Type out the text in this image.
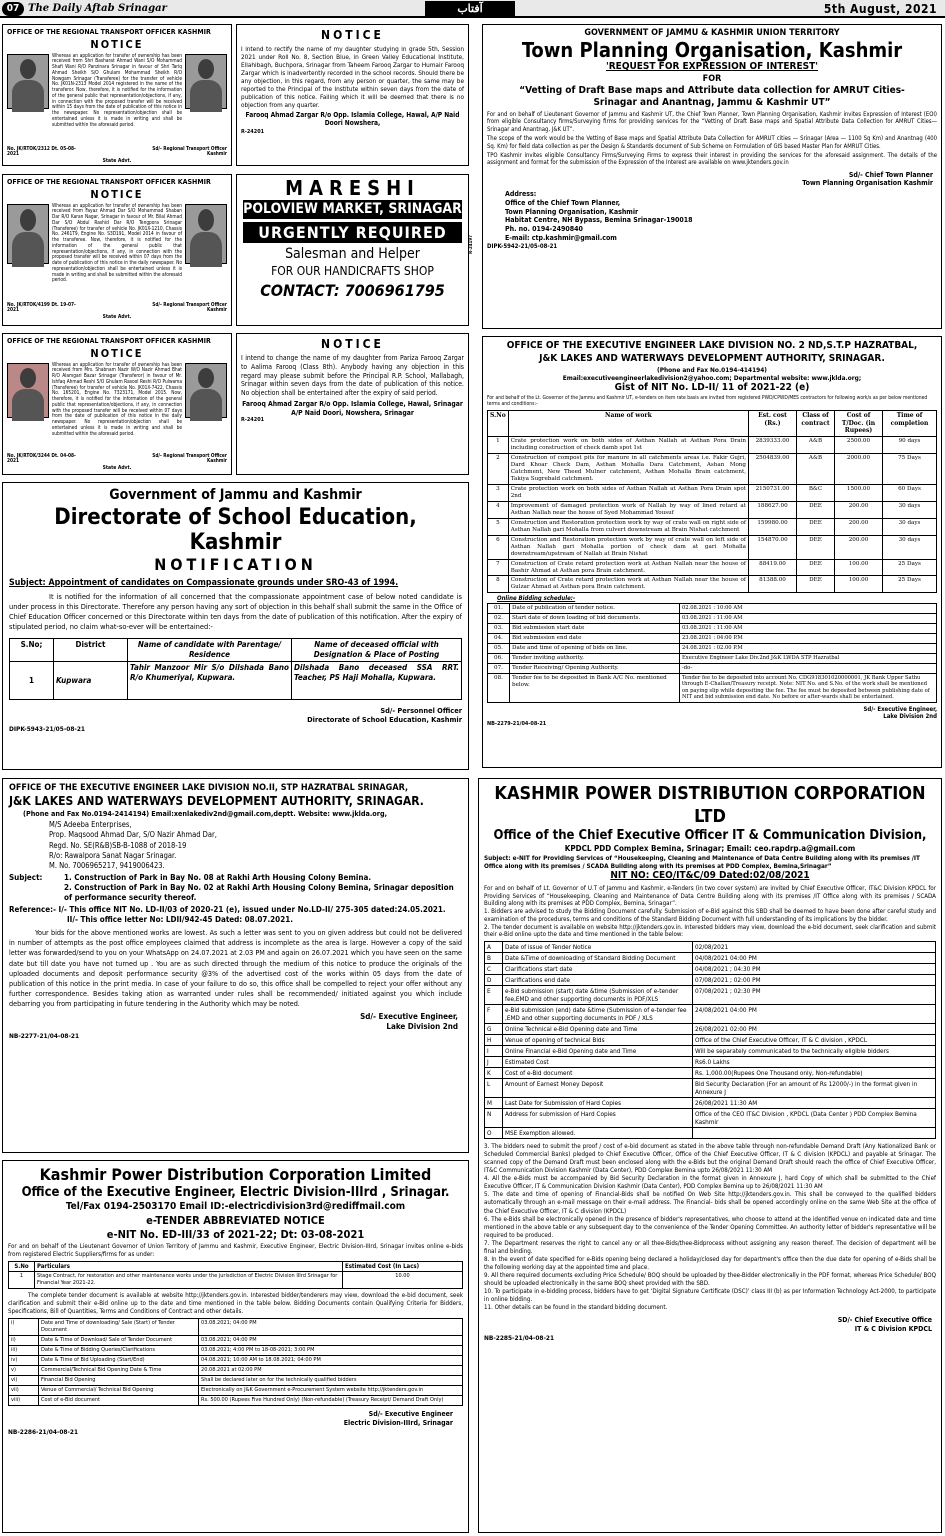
07 The Daily Aftab Srinagar	آفتاب	5th August, 2021
OFFICE OF THE REGIONAL TRANSPORT OFFICER KASHMIR
NOTICE
Whereas an application for transfer of ownership has been received from Shri Basharat Ahmad Wani S/O Mohammad Shafi Wani R/O Panzinara Srinagar in favour of Shri Tariq Ahmad Sheikh S/O Ghulam Mohammad Sheikh R/O Nowgam Srinagar (Transferee) for the transfer of vehicle No. JK01N-2313 Model 2014 registered in the name of the transferor. Now, therefore, it is notified for the information of the general public that representation/objections, if any, in connection with the proposed transfer will be received within 15 days from the date of publication of this notice in the newspaper. No representation/objection shall be entertained unless it is made in writing and shall be submitted within the aforesaid period.
No. JK/RTOK/2312 Dt. 05-08-2021
Sd/- Regional Transport Officer Kashmir
State Advt.
NOTICE
I intend to rectify the name of my daughter studying in grade 5th, Session 2021 under Roll No. 8, Section Blue, in Green Valley Educational Institute, Ellahibagh, Buchpora, Srinagar from Taheem Farooq Zargar to Humair Farooq Zargar which is inadvertently recorded in the school records. Should there be any objection, in this regard, from any person or quarter, the same may be reported to the Principal of the Institute within seven days from the date of publication of this notice. Failing which it will be deemed that there is no objection from any quarter.
Farooq Ahmad Zargar R/o Opp. Islamia College, Hawal, A/P Naid Doori Nowshera,
R-24201
GOVERNMENT OF JAMMU & KASHMIR UNION TERRITORY
Town Planning Organisation, Kashmir
'REQUEST FOR EXPRESSION OF INTEREST'
FOR
“Vetting of Draft Base maps and Attribute data collection for AMRUT Cities-Srinagar and Anantnag, Jammu & Kashmir UT”
For and on behalf of Lieutenant Governor of Jammu and Kashmir UT, the Chief Town Planner, Town Planning Organisation, Kashmir invites Expression of Interest (EOI) from eligible Consultancy firms/Surveying firms for providing services for the “Vetting of Draft Base maps and Spatial Attribute Data Collection for AMRUT Cities—Srinagar and Anantnag, J&K UT”.
The scope of the work would be the Vetting of Base maps and Spatial Attribute Data Collection for AMRUT cities — Srinagar (Area — 1100 Sq Km) and Anantnag (400 Sq. Km) for field data collection as per the Design & Standards document of Sub Scheme on Formulation of GIS based Master Plan for AMRUT Cities.
TPO Kashmir invites eligible Consultancy Firms/Surveying Firms to express their interest in providing the services for the aforesaid assignment. The details of the assignment and format for the submission of the Expression of the Interest are available on www.jktenders.gov.in
Sd/- Chief Town Planner
Town Planning Organisation Kashmir
Address:
Office of the Chief Town Planner,
Town Planning Organisation, Kashmir
Habitat Centre, NH Bypass, Bemina Srinagar-190018
Ph. no. 0194-2490840
E-mail: ctp.kashmir@gmail.com
DIPK-5942-21/05-08-21
OFFICE OF THE REGIONAL TRANSPORT OFFICER KASHMIR
NOTICE
Whereas an application for transfer of ownership has been received from Fayaz Ahmad Dar S/O Mohammad Shaban Dar R/O Karan Nagar, Srinagar in favour of Mr. Bilal Ahmad Dar S/O Abdul Rashid Dar R/O Tengpora Srinagar (Transferee) for transfer of vehicle No. JK01X-1210, Chassis No. 2461T9, Engine No. S3D191, Model 2014 in favour of the transferee. Now, therefore, it is notified for the information of the general public that representation/objections, if any, in connection with the proposed transfer will be received within 07 days from the date of publication of this notice in the daily newspaper. No representation/objection shall be entertained unless it is made in writing and shall be submitted within the aforesaid period.
No. JK/RTOK/4199 Dt. 19-07-2021
Sd/- Regional Transport Officer Kashmir
State Advt.
MARESHI
POLOVIEW MARKET, SRINAGAR
URGENTLY REQUIRED
Salesman and Helper
FOR OUR HANDICRAFTS SHOP
CONTACT: 7006961795
R-24197
OFFICE OF THE REGIONAL TRANSPORT OFFICER KASHMIR
NOTICE
Whereas an application for transfer of ownership has been received from Mrs. Shabnam Nazir W/O Nazir Ahmad Bhat R/O Alamgari Bazar Srinagar (Transferor) in favour of Mr. Ishfaq Ahmad Reshi S/O Ghulam Rasool Reshi R/O Pulwama (Transferee) for transfer of vehicle No. JK01X-7422, Chassis No. 165201, Engine No. 7323171, Model 2015. Now, therefore, it is notified for the information of the general public that representation/objections, if any, in connection with the proposed transfer will be received within 07 days from the date of publication of this notice in the daily newspaper. No representation/objection shall be entertained unless it is made in writing and shall be submitted within the aforesaid period.
No. JK/RTOK/3244 Dt. 04-08-2021
Sd/- Regional Transport Officer Kashmir
State Advt.
NOTICE
I intend to change the name of my daughter from Pariza Farooq Zargar to Aalima Farooq (Class 8th). Anybody having any objection in this regard may please submit before the Principal R.P. School, Mallabagh, Srinagar within seven days from the date of publication of this notice. No objection shall be entertained after the expiry of said period.
Farooq Ahmad Zargar R/o Opp. Islamia College, Hawal, Srinagar A/P Naid Doori, Nowshera, Srinagar
R-24201
OFFICE OF THE EXECUTIVE ENGINEER LAKE DIVISION NO. 2 ND,S.T.P HAZRATBAL,
J&K LAKES AND WATERWAYS DEVELOPMENT AUTHORITY, SRINAGAR.
(Phone and Fax No.0194-414194)
Email:executiveengineerlakedivision2@yahoo.com; Departmental website: www.jklda.org;
Gist of NIT No. LD-II/ 11 of 2021-22 (e)
For and behalf of the Lt. Governor of the Jammu and Kashmir UT, e-tenders on item rate basis are invited from registered PWD/CPWD/MES contractors for following work/s as per below mentioned terms and conditions:-
S.No	Name of work	Est. cost (Rs.)	Class of contract	Cost of T/Doc. (in Rupees)	Time of completion
1	Crate protection work on both sides of Asthan Nallah at Asthan Pora Drain including construction of check damb spot 1st	2839333.00	A&B	2500.00	90 days
2	Construction of compost pits for manure in all catchments areas i.e. Fakir Gujri, Dard Khoar Check Dam, Asthan Mohalla Dara Catchment, Ashan Mong Catchment, New Theed Mulner catchment, Asthan Mohalla Brain catchment, Takiya Sugrebald catchment.	2504839.00	A&B	2000.00	75 Days
3	Crate protection work on both sides of Asthan Nallah at Asthan Pora Drain spot 2nd	2150731.00	B&C	1500.00	60 Days
4	Improvement of damaged protection work of Nallah by way of lined retard at Asthan Nallah near the house of Syed Mohammad Yousuf	188627.00	DEE	200.00	30 days
5	Construction and Restoration protection work by way of crate wall on right side of Asthan Nallah gari Mohalla from culvert downstream at Brain Nishat catchment	159980.00	DEE	200.00	30 days
6	Construction and Restoration protection work by way of crate wall on left side of Asthan Nallah gari Mohalla portion of check dam at gari Mohalla downstream/upstream of Nallah at Brain Nishat	154870.00	DEE	200.00	30 days
7	Construction of Crate retard protection work at Asthan Nallah near the house of Bashir Ahmad at Asthan pora Brain catchment.	88419.00	DEE	100.00	25 Days
8	Construction of Crate retard protection work at Asthan Nallah near the house of Gulzar Ahmad at Asthan pora Brain catchment.	81388.00	DEE	100.00	25 Days
Online Bidding schedule:-
01.	Date of publication of tender notice.	02.08.2021 : 10:00 AM
02.	Start date of down loading of bid documents.	03.08.2021 : 11:00 AM
03.	Bid submission start date	03.08.2021 : 11:00 AM
04.	Bid submission end date	23.08.2021 : 04:00 P.M
05.	Date and time of opening of bids on line.	24.08.2021 : 02.00 P.M
06.	Tender inviting authority.	Executive Engineer Lake Div.2nd J&K LWDA STP Hazratbal
07.	Tender Receiving/ Opening Authority.	-do-
08.	Tender fee to be deposited in Bank A/C No. mentioned below.	Tender fee to be deposited into account No. CDG918301020000001, JK Bank Upper Sathu through E-Challan/Treasury receipt. Note: NIT No. and S.No. of the work shall be mentioned on paying slip while depositing the fee. The fee must be deposited between publishing date of NIT and bid submission end date. No before or after-wards shall be entertained.
Sd/- Executive Engineer,
Lake Division 2nd
NB-2279-21/04-08-21
Government of Jammu and Kashmir
Directorate of School Education, Kashmir
NOTIFICATION
Subject: Appointment of candidates on Compassionate grounds under SRO-43 of 1994.
It is notified for the information of all concerned that the compassionate appointment case of below noted candidate is under process in this Directorate. Therefore any person having any sort of objection in this behalf shall submit the same in the Office of Chief Education Officer concerned or this Directorate within ten days from the date of publication of this notification. After the expiry of stipulated period, no claim what-so-ever will be entertained:-
S.No;	District	Name of candidate with Parentage/ Residence	Name of deceased official with Designation & Place of Posting
1	Kupwara	Tahir Manzoor Mir S/o Dilshada Bano R/o Khumeriyal, Kupwara.	Dilshada Bano deceased SSA RRT. Teacher, PS Haji Mohalla, Kupwara.
Sd/- Personnel Officer
Directorate of School Education, Kashmir
DIPK-5943-21/05-08-21
OFFICE OF THE EXECUTIVE ENGINEER LAKE DIVISION NO.II, STP HAZRATBAL SRINAGAR,
J&K LAKES AND WATERWAYS DEVELOPMENT AUTHORITY, SRINAGAR.
(Phone and Fax No.0194-2414194) Email:xenlakediv2nd@gmail.com,deptt. Website: www.jklda.org,
M/S Adeeba Enterprises,
Prop. Maqsood Ahmad Dar, S/O Nazir Ahmad Dar,
Regd. No. SE(R&B)SB-B-1088 of 2018-19
R/o: Rawalpora Sanat Nagar Srinagar.
M. No. 7006965217, 9419006423.
Subject:	1. Construction of Park in Bay No. 08 at Rakhi Arth Housing Colony Bemina.
2. Construction of Park in Bay No. 02 at Rakhi Arth Housing Colony Bemina, Srinagar deposition of performance security thereof.
Reference:- I/- This office NIT No. LD-II/03 of 2020-21 (e), issued under No.LD-II/ 275-305 dated:24.05.2021.
II/- This office letter No: LDII/942-45 Dated: 08.07.2021.
Your bids for the above mentioned works are lowest. As such a letter was sent to you on given address but could not be delivered in number of attempts as the post office employees claimed that address is incomplete as the area is large. However a copy of the said letter was forwarded/send to you on your WhatsApp on 24.07.2021 at 2.03 PM and again on 26.07.2021 which you have seen on the same date but till date you have not turned up . You are as such directed through the medium of this notice to produce the originals of the uploaded documents and deposit performance security @3% of the advertised cost of the works within 05 days from the date of publication of this notice in the print media. In case of your failure to do so, this office shall be compelled to reject your offer without any further correspondence. Besides taking ation as warranted under rules shall be recommended/ initiated against you which include debarring you from participating in future tendering in the Authority which may be noted.
Sd/- Executive Engineer,
Lake Division 2nd
NB-2277-21/04-08-21
KASHMIR POWER DISTRIBUTION CORPORATION LTD
Office of the Chief Executive Officer IT & Communication Division,
KPDCL PDD Complex Bemina, Srinagar; Email: ceo.rapdrp.a@gmail.com
Subject: e-NIT for Providing Services of “Housekeeping, Cleaning and Maintenance of Data Centre Building along with its premises /IT Office along with its premises / SCADA Building along with its premises at PDD Complex, Bemina,Srinagar”
NIT NO: CEO/IT&C/09 Dated:02/08/2021
For and on behalf of Lt. Governor of U.T of Jammu and Kashmir, e-Tenders (in two cover system) are invited by Chief Executive Officer, IT&C Division KPDCL for Providing Services of “Housekeeping, Cleaning and Maintenance of Data Centre Building along with its premises /IT Office along with its premises / SCADA Building along with its premises at PDD Complex, Bemina, Srinagar”.
1. Bidders are advised to study the Bidding Document carefully. Submission of e-Bid against this SBD shall be deemed to have been done after careful study and examination of the procedures, terms and conditions of the Standard Bidding Document with full understanding of its implications by the bidder.
2. The tender document is available on website http://jktenders.gov.in. Interested bidders may view, download the e-bid document, seek clarification and submit their e-Bid online upto the date and time mentioned in the table below:
A	Date of issue of Tender Notice	02/08/2021
B	Date &Time of downloading of Standard Bidding Document	04/08/2021 04:00 PM
C	Clarifications start date	04/08/2021 ; 04:30 PM
D	Clarifications end date	07/08/2021 ; 02:00 PM
E	e-Bid submission (start) date &time (Submission of e-tender fee,EMD and other supporting documents in PDF/XLS	07/08/2021 ; 02:30 PM
F	e-Bid submission (end) date &time (Submission of e-tender fee ,EMD and other supporting documents in PDF / XLS	24/08/2021 04:00 PM
G	Online Technical e-Bid Opening date and Time	26/08/2021 02:00 PM
H	Venue of opening of technical Bids	Office of the Chief Executive Officer, IT & C division , KPDCL
I	Online Financial e-Bid Opening date and Time	Will be separately communicated to the technically eligible bidders
J	Estimated Cost	Rs6.0 Lakhs
K	Cost of e-Bid document	Rs. 1,000.00(Rupees One Thousand only, Non-refundable)
L	Amount of Earnest Money Deposit	Bid Security Declaration (For an amount of Rs 12000/-) in the format given in Annexure J
M	Last Date for Submission of Hard Copies	26/08/2021 11:30 AM
N	Address for submission of Hard Copies	Office of the CEO IT&C Division , KPDCL (Data Center ) PDD Complex Bemina Kashmir
O	MSE Exemption allowed.	
3. The bidders need to submit the proof / cost of e-bid document as stated in the above table through non-refundable Demand Draft (Any Nationalized Bank or Scheduled Commercial Banks) pledged to Chief Executive Officer, Office of the Chief Executive Officer, IT & C division (KPDCL) and payable at Srinagar. The scanned copy of the Demand Draft must been enclosed along with the e-Bids but the original Demand Draft should reach the office of Chief Executive Officer, IT&C Communication Division Kashmir (Data Center), PDD Complex Bemina upto 26/08/2021 11:30 AM
4. All the e-Bids must be accompanied by Bid Security Declaration in the format given in Annexure J, hard Copy of which shall be submitted to the Chief Executive Officer, IT & Communication Division Kashmir (Data Center), PDD Complex Bemina up to 26/08/2021 11:30 AM
5. The date and time of opening of Financial-Bids shall be notified On Web Site http://jktenders.gov.in. This shall be conveyed to the qualified bidders automatically through an e-mail message on their e-mail address. The Financial- bids shall be opened accordingly online on the same Web Site at the office of the Chief Executive Officer, IT & C division (KPDCL)
6. The e-Bids shall be electronically opened in the presence of bidder's representatives, who choose to attend at the identified venue on indicated date and time mentioned in the above table or any subsequent day to the convenience of the Tender Opening Committee. An authority letter of bidder's representative will be required to be produced.
7. The Department reserves the right to cancel any or all thee-Bids/thee-Bidprocess without assigning any reason thereof. The decision of department will be final and binding.
8. In the event of date specified for e-Bids opening being declared a holiday/closed day for department's office then the due date for opening of e-Bids shall be the following working day at the appointed time and place.
9. All there required documents excluding Price Schedule/ BOQ should be uploaded by thee-Bidder electronically in the PDF format, whereas Price Schedule/ BOQ should be uploaded electronically in the same BOQ sheet provided with the SBD.
10. To participate in e-bidding process, bidders have to get ‘Digital Signature Certificate (DSC)’ class III (b) as per Information Technology Act-2000, to participate in online bidding.
11. Other details can be found in the standard bidding document.
SD/- Chief Executive Office
IT & C Division KPDCL
NB-2285-21/04-08-21
Kashmir Power Distribution Corporation Limited
Office of the Executive Engineer, Electric Division-IIIrd , Srinagar.
Tel/Fax 0194-2503170 Email ID:-electricdivision3rd@rediffmail.com
e-TENDER ABBREVIATED NOTICE
e-NIT No. ED-III/33 of 2021-22; Dt: 03-08-2021
For and on behalf of the Lieutenant Governor of Union Territory of Jammu and Kashmir, Executive Engineer, Electric Division-IIIrd, Srinagar invites online e-bids from registered Electric Suppliers/firms for as under:
S.No	Particulars	Estimated Cost (In Lacs)
1	Stage Contract, for restoration and other maintenance works under the jurisdiction of Electric Division IIIrd Srinagar for Financial Year 2021-22.	10.00
The complete tender document is available at website http://jktenders.gov.in. Interested bidder/tenderers may view, download the e-bid document, seek clarification and submit their e-Bid online up to the date and time mentioned in the table below. Bidding Documents contain Qualifying Criteria for Bidders, Specifications, Bill of Quantities, Terms and Conditions of Contract and other details.
i)	Date and Time of downloading/ Sale (Start) of Tender Document	03.08.2021; 04:00 PM
ii)	Date & Time of Download/ Sale of Tender Document	03.08.2021; 04:00 PM
iii)	Date & Time of Bidding Queries/Clarifications	03.08.2021; 4:00 PM to 18-08-2021; 3:00 PM
iv)	Date & Time of Bid Uploading (Start/End)	04.08.2021; 10:00 AM to 18.08.2021; 04:00 PM
v)	Commercial/Technical Bid Opening Date & Time	20.08.2021 at 02:00 PM
vi)	Financial Bid Opening	Shall be declared later on for the technically qualified bidders
vii)	Venue of Commercial/ Technical Bid Opening	Electronically on J&K Government e-Procurement System website http://jktenders.gov.in
viii)	Cost of e-Bid document	Rs. 500.00 (Rupees Five Hundred Only) (Non-refundable) (Treasury Receipt/ Demand Draft Only)
Sd/- Executive Engineer
Electric Division-IIIrd, Srinagar
NB-2286-21/04-08-21
